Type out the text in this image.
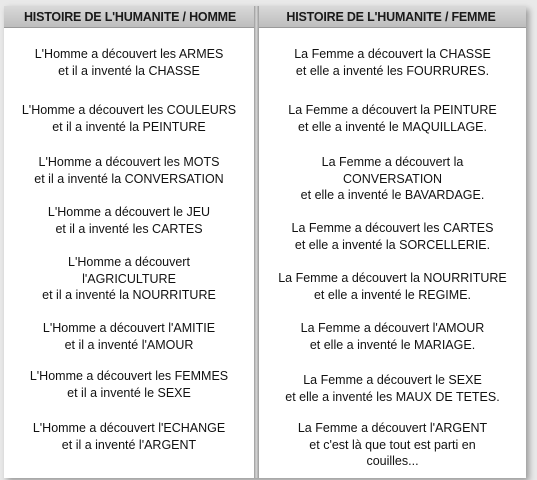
HISTOIRE DE L'HUMANITE / HOMME	HISTOIRE DE L'HUMANITE / FEMME
L'Homme a découvert les ARMES
et il a inventé la CHASSE
L'Homme a découvert les COULEURS
et il a inventé la PEINTURE
L'Homme a découvert les MOTS
et il a inventé la CONVERSATION
L'Homme a découvert le JEU
et il a inventé les CARTES
L'Homme a découvert
l'AGRICULTURE
et il a inventé la NOURRITURE
L'Homme a découvert l'AMITIE
et il a inventé l'AMOUR
L'Homme a découvert les FEMMES
et il a inventé le SEXE
L'Homme a découvert l'ECHANGE
et il a inventé l'ARGENT
La Femme a découvert la CHASSE
et elle a inventé les FOURRURES.
La Femme a découvert la PEINTURE
et elle a inventé le MAQUILLAGE.
La Femme a découvert la
CONVERSATION
et elle a inventé le BAVARDAGE.
La Femme a découvert les CARTES
et elle a inventé la SORCELLERIE.
La Femme a découvert la NOURRITURE
et elle a inventé le REGIME.
La Femme a découvert l'AMOUR
et elle a inventé le MARIAGE.
La Femme a découvert le SEXE
et elle a inventé les MAUX DE TETES.
La Femme a découvert l'ARGENT
et c'est là que tout est parti en
couilles...
